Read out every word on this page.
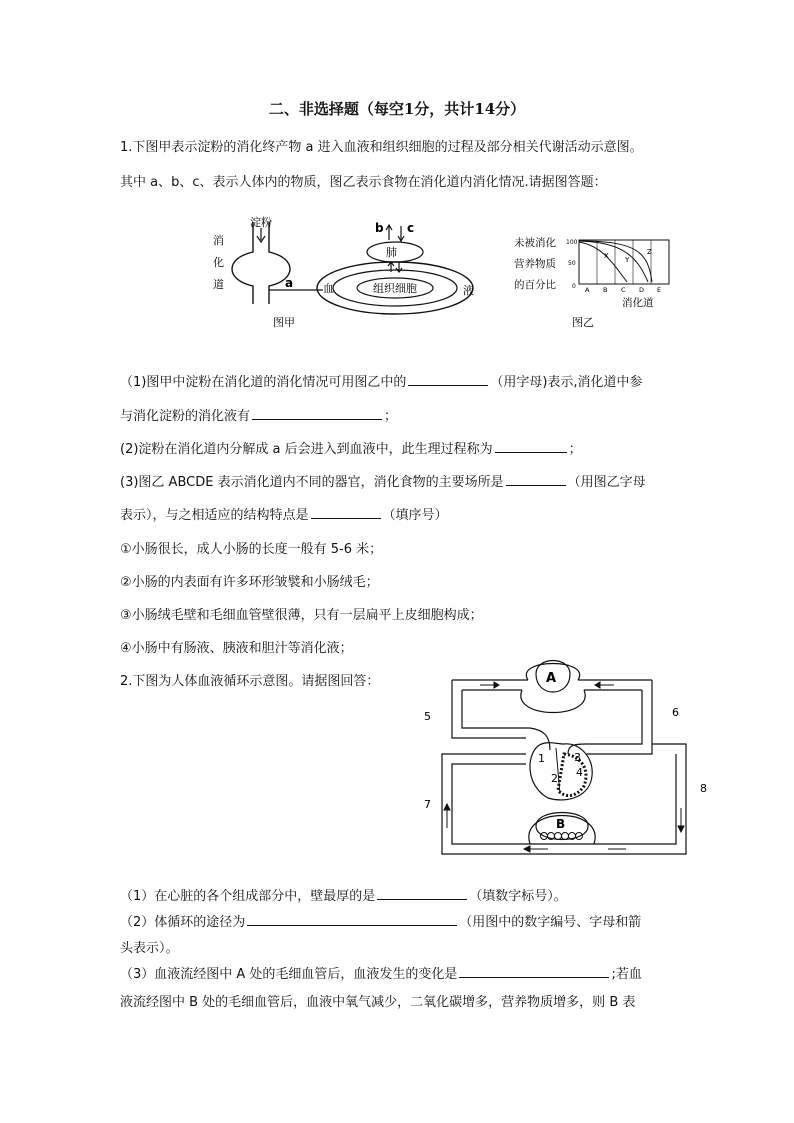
二、非选择题（每空1分，共计14分）
1.下图甲表示淀粉的消化终产物 a 进入血液和组织细胞的过程及部分相关代谢活动示意图。
其中 a、b、c、表示人体内的物质，图乙表示食物在消化道内消化情况.请据图答题：
淀粉
消
化
道	a	组织细胞
血	液
肺
b c
图甲
未被消化
营养物质
的百分比
100
50
0
X Y
Z
A B C D E
消化道
图乙
（1)图甲中淀粉在消化道的消化情况可用图乙中的	（用字母)表示,消化道中参
与消化淀粉的消化液有	；
(2)淀粉在消化道内分解成 a 后会进入到血液中，此生理过程称为	；
(3)图乙 ABCDE 表示消化道内不同的器官，消化食物的主要场所是	（用图乙字母
表示），与之相适应的结构特点是	（填序号）
①小肠很长，成人小肠的长度一般有 5-6 米；
②小肠的内表面有许多环形皱襞和小肠绒毛；
③小肠绒毛壁和毛细血管壁很薄，只有一层扁平上皮细胞构成；
④小肠中有肠液、胰液和胆汁等消化液；
2.下图为人体血液循环示意图。请据图回答：	A
B
1
2
3
4
5	6
7
8
（1）在心脏的各个组成部分中，壁最厚的是	（填数字标号）。
（2）体循环的途径为	（用图中的数字编号、字母和箭
头表示）。
（3）血液流经图中 A 处的毛细血管后，血液发生的变化是	;若血
液流经图中 B 处的毛细血管后，血液中氧气减少，二氧化碳增多，营养物质增多，则 B 表
